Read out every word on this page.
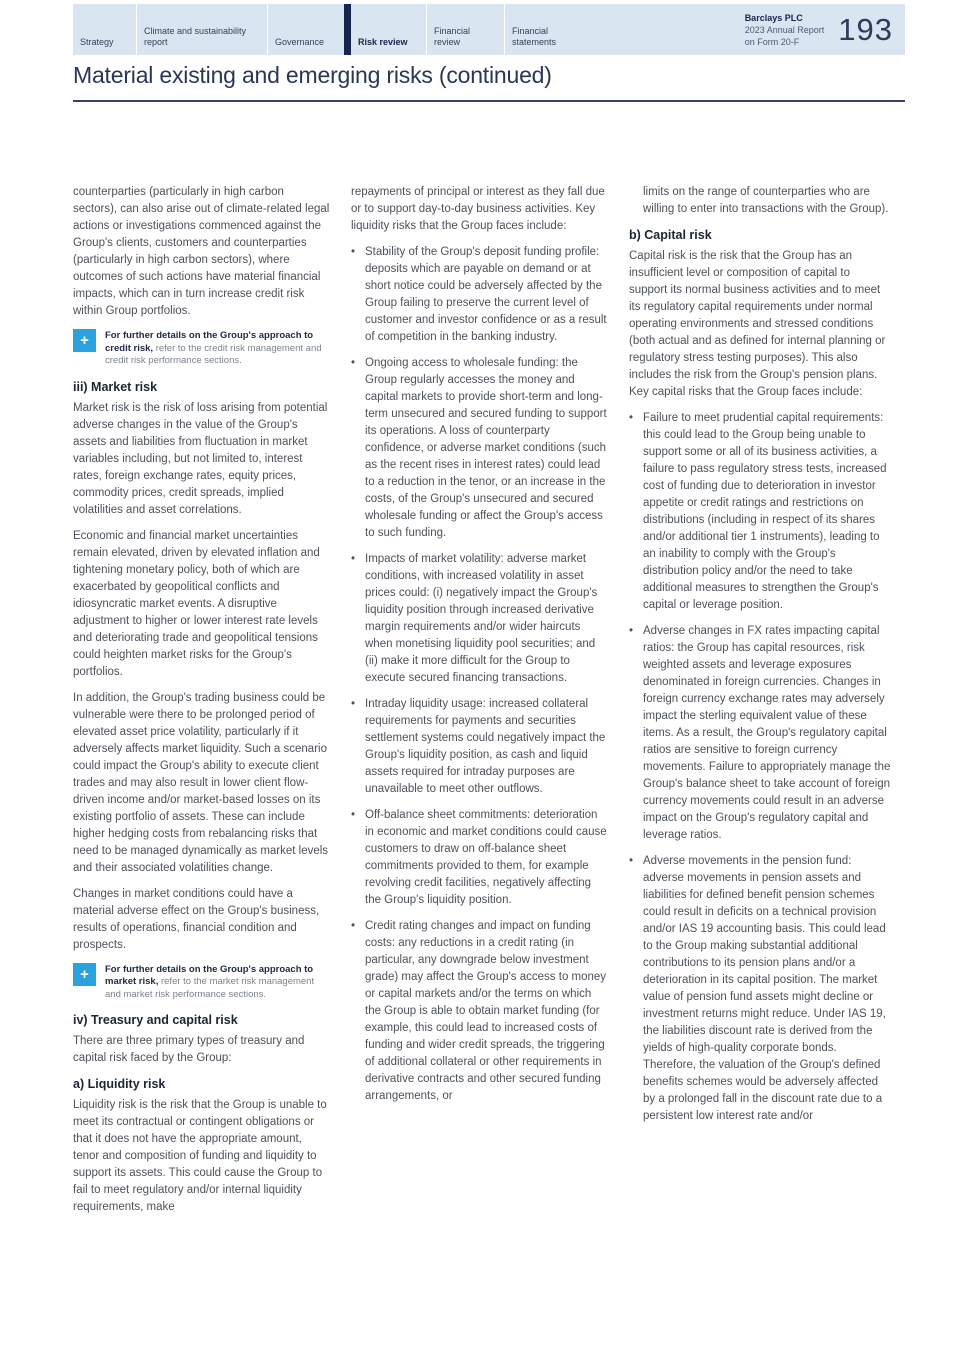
Strategy
Climate and sustainability report	Governance	Risk review
Financial review
Financial statements
Barclays PLC
2023 Annual Report
on Form 20-F	193
Material existing and emerging risks (continued)

counterparties (particularly in high carbon sectors), can also arise out of climate-related legal actions or investigations commenced against the Group's clients, customers and counterparties (particularly in high carbon sectors), where outcomes of such actions have material financial impacts, which can in turn increase credit risk within Group portfolios.

+	For further details on the Group's approach to credit risk, refer to the credit risk management and credit risk performance sections.
iii) Market risk

Market risk is the risk of loss arising from potential adverse changes in the value of the Group's assets and liabilities from fluctuation in market variables including, but not limited to, interest rates, foreign exchange rates, equity prices, commodity prices, credit spreads, implied volatilities and asset correlations.

Economic and financial market uncertainties remain elevated, driven by elevated inflation and tightening monetary policy, both of which are exacerbated by geopolitical conflicts and idiosyncratic market events. A disruptive adjustment to higher or lower interest rate levels and deteriorating trade and geopolitical tensions could heighten market risks for the Group's portfolios.

In addition, the Group's trading business could be vulnerable were there to be prolonged period of elevated asset price volatility, particularly if it adversely affects market liquidity. Such a scenario could impact the Group's ability to execute client trades and may also result in lower client flow-driven income and/or market-based losses on its existing portfolio of assets. These can include higher hedging costs from rebalancing risks that need to be managed dynamically as market levels and their associated volatilities change.

Changes in market conditions could have a material adverse effect on the Group's business, results of operations, financial condition and prospects.

+	For further details on the Group's approach to market risk, refer to the market risk management and market risk performance sections.
iv) Treasury and capital risk

There are three primary types of treasury and capital risk faced by the Group:

a) Liquidity risk

Liquidity risk is the risk that the Group is unable to meet its contractual or contingent obligations or that it does not have the appropriate amount, tenor and composition of funding and liquidity to support its assets. This could cause the Group to fail to meet regulatory and/or internal liquidity requirements, make

repayments of principal or interest as they fall due or to support day-to-day business activities. Key liquidity risks that the Group faces include:

• Stability of the Group's deposit funding profile: deposits which are payable on demand or at short notice could be adversely affected by the Group failing to preserve the current level of customer and investor confidence or as a result of competition in the banking industry.
• Ongoing access to wholesale funding: the Group regularly accesses the money and capital markets to provide short-term and long-term unsecured and secured funding to support its operations. A loss of counterparty confidence, or adverse market conditions (such as the recent rises in interest rates) could lead to a reduction in the tenor, or an increase in the costs, of the Group's unsecured and secured wholesale funding or affect the Group's access to such funding.
• Impacts of market volatility: adverse market conditions, with increased volatility in asset prices could: (i) negatively impact the Group's liquidity position through increased derivative margin requirements and/or wider haircuts when monetising liquidity pool securities; and (ii) make it more difficult for the Group to execute secured financing transactions.
• Intraday liquidity usage: increased collateral requirements for payments and securities settlement systems could negatively impact the Group's liquidity position, as cash and liquid assets required for intraday purposes are unavailable to meet other outflows.
• Off-balance sheet commitments: deterioration in economic and market conditions could cause customers to draw on off-balance sheet commitments provided to them, for example revolving credit facilities, negatively affecting the Group's liquidity position.
• Credit rating changes and impact on funding costs: any reductions in a credit rating (in particular, any downgrade below investment grade) may affect the Group's access to money or capital markets and/or the terms on which the Group is able to obtain market funding (for example, this could lead to increased costs of funding and wider credit spreads, the triggering of additional collateral or other requirements in derivative contracts and other secured funding arrangements, or

limits on the range of counterparties who are willing to enter into transactions with the Group).

b) Capital risk

Capital risk is the risk that the Group has an insufficient level or composition of capital to support its normal business activities and to meet its regulatory capital requirements under normal operating environments and stressed conditions (both actual and as defined for internal planning or regulatory stress testing purposes). This also includes the risk from the Group's pension plans. Key capital risks that the Group faces include:

• Failure to meet prudential capital requirements: this could lead to the Group being unable to support some or all of its business activities, a failure to pass regulatory stress tests, increased cost of funding due to deterioration in investor appetite or credit ratings and restrictions on distributions (including in respect of its shares and/or additional tier 1 instruments), leading to an inability to comply with the Group's distribution policy and/or the need to take additional measures to strengthen the Group's capital or leverage position.
• Adverse changes in FX rates impacting capital ratios: the Group has capital resources, risk weighted assets and leverage exposures denominated in foreign currencies. Changes in foreign currency exchange rates may adversely impact the sterling equivalent value of these items. As a result, the Group's regulatory capital ratios are sensitive to foreign currency movements. Failure to appropriately manage the Group's balance sheet to take account of foreign currency movements could result in an adverse impact on the Group's regulatory capital and leverage ratios.
• Adverse movements in the pension fund: adverse movements in pension assets and liabilities for defined benefit pension schemes could result in deficits on a technical provision and/or IAS 19 accounting basis. This could lead to the Group making substantial additional contributions to its pension plans and/or a deterioration in its capital position. The market value of pension fund assets might decline or investment returns might reduce. Under IAS 19, the liabilities discount rate is derived from the yields of high-quality corporate bonds. Therefore, the valuation of the Group's defined benefits schemes would be adversely affected by a prolonged fall in the discount rate due to a persistent low interest rate and/or
